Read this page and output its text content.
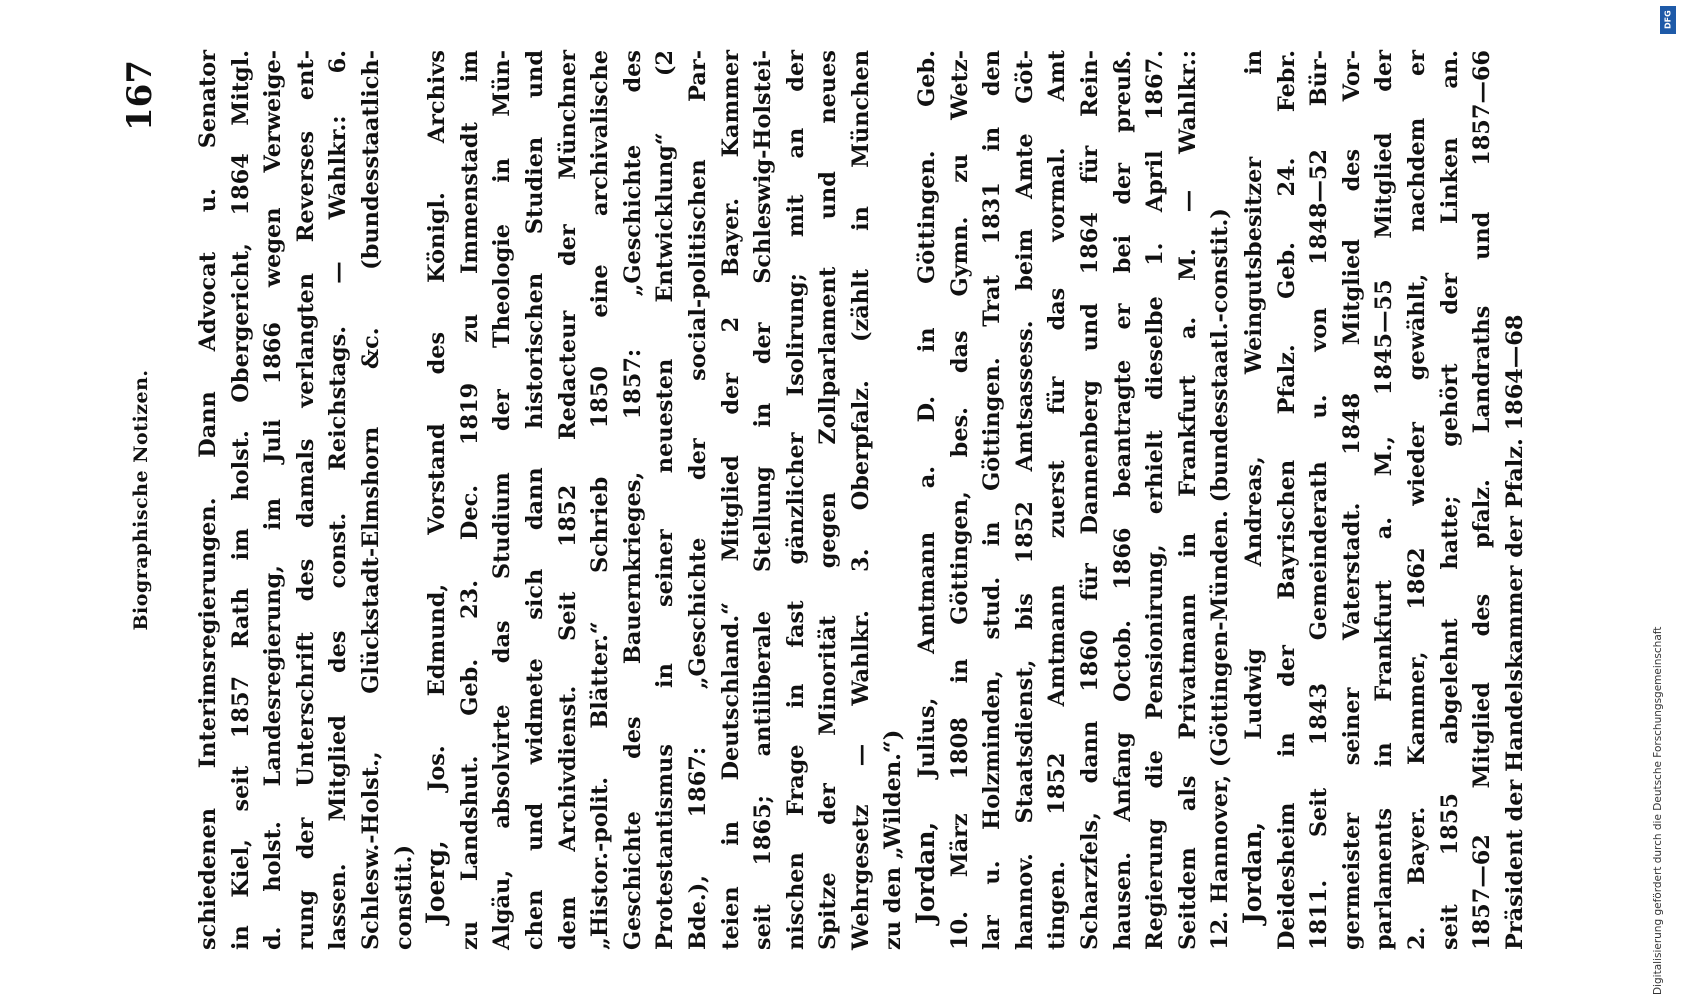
Biographische Notizen.
167 schiedenen Interimsregierungen. Dann Advocat u. Senator in Kiel, seit 1857 Rath im holst. Obergericht, 1864 Mitgl. d. holst. Landesregierung, im Juli 1866 wegen Verweige- rung der Unterschrift des damals verlangten Reverses ent- lassen. Mitglied des const. Reichstags. — Wahlkr.: 6. Schlesw.-Holst., Glückstadt-Elmshorn &c. (bundesstaatlich- constit.) Joerg, Jos. Edmund, Vorstand des Königl. Archivs zu Landshut. Geb. 23. Dec. 1819 zu Immenstadt im Algäu, absolvirte das Studium der Theologie in Mün- chen und widmete sich dann historischen Studien und dem Archivdienst. Seit 1852 Redacteur der Münchner „Histor.-polit. Blätter.“ Schrieb 1850 eine archivalische Geschichte des Bauernkrieges, 1857: „Geschichte des Protestantismus in seiner neuesten Entwicklung“ (2 Bde.), 1867: „Geschichte der social-politischen Par- teien in Deutschland.“ Mitglied der 2 Bayer. Kammer seit 1865; antiliberale Stellung in der Schleswig-Holstei- nischen Frage in fast gänzlicher Isolirung; mit an der Spitze der Minorität gegen Zollparlament und neues Wehrgesetz — Wahlkr. 3. Oberpfalz. (zählt in München zu den „Wilden.“) Jordan, Julius, Amtmann a. D. in Göttingen. Geb. 10. März 1808 in Göttingen, bes. das Gymn. zu Wetz- lar u. Holzminden, stud. in Göttingen. Trat 1831 in den hannov. Staatsdienst, bis 1852 Amtsassess. beim Amte Göt- tingen. 1852 Amtmann zuerst für das vormal. Amt Scharzfels, dann 1860 für Dannenberg und 1864 für Rein- hausen. Anfang Octob. 1866 beantragte er bei der preuß. Regierung die Pensionirung, erhielt dieselbe 1. April 1867. Seitdem als Privatmann in Frankfurt a. M. — Wahlkr.: 12. Hannover, (Göttingen-Münden. (bundesstaatl.-constit.) Jordan, Ludwig Andreas, Weingutsbesitzer in Deidesheim in der Bayrischen Pfalz. Geb. 24. Febr. 1811. Seit 1843 Gemeinderath u. von 1848—52 Bür- germeister seiner Vaterstadt. 1848 Mitglied des Vor- parlaments in Frankfurt a. M., 1845—55 Mitglied der 2. Bayer. Kammer, 1862 wieder gewählt, nachdem er seit 1855 abgelehnt hatte; gehört der Linken an. 1857—62 Mitglied des pfalz. Landraths und 1857—66 Präsident der Handelskammer der Pfalz. 1864—68	Digitalisierung gefördert durch die Deutsche Forschungsgemeinschaft
DFG
